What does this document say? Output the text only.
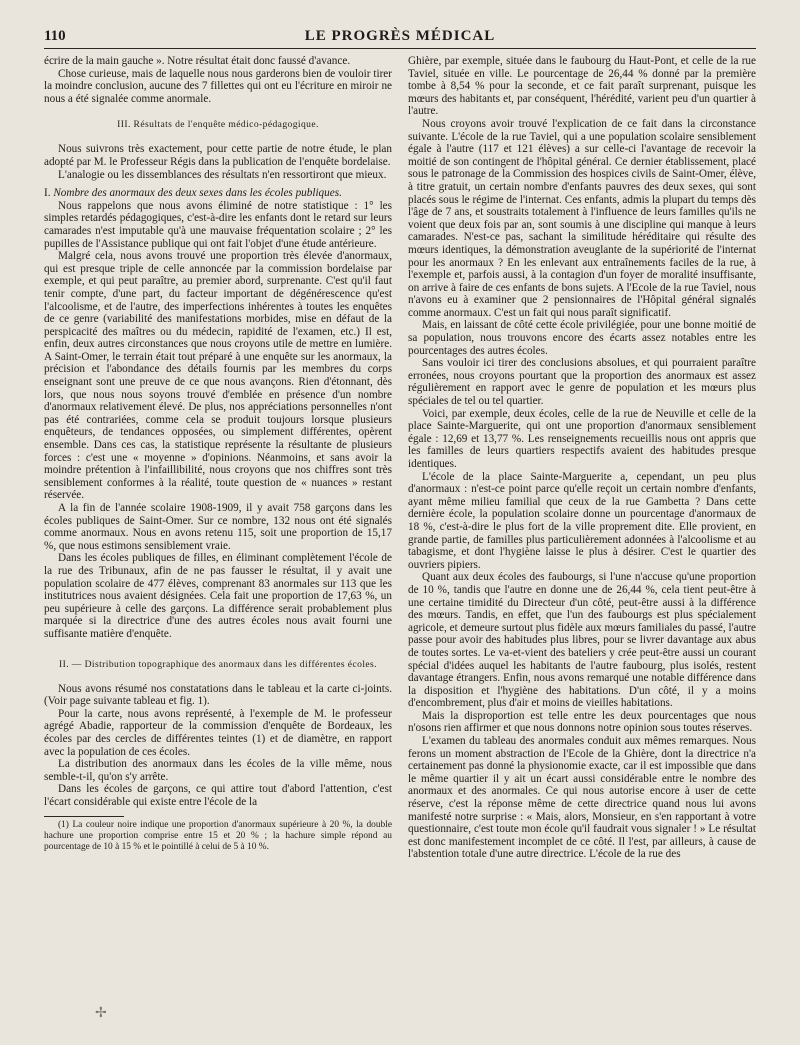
110	LE PROGRÈS MÉDICAL

écrire de la main gauche ». Notre résultat était donc faussé d'avance.

Chose curieuse, mais de laquelle nous nous garderons bien de vouloir tirer la moindre conclusion, aucune des 7 fillettes qui ont eu l'écriture en miroir ne nous a été signalée comme anormale.

III. Résultats de l'enquête médico-pédagogique.

Nous suivrons très exactement, pour cette partie de notre étude, le plan adopté par M. le Professeur Régis dans la publication de l'enquête bordelaise.

L'analogie ou les dissemblances des résultats n'en ressortiront que mieux.

I. Nombre des anormaux des deux sexes dans les écoles publiques.

Nous rappelons que nous avons éliminé de notre statistique : 1° les simples retardés pédagogiques, c'est-à-dire les enfants dont le retard sur leurs camarades n'est imputable qu'à une mauvaise fréquentation scolaire ; 2° les pupilles de l'Assistance publique qui ont fait l'objet d'une étude antérieure.

Malgré cela, nous avons trouvé une proportion très élevée d'anormaux, qui est presque triple de celle annoncée par la commission bordelaise par exemple, et qui peut paraître, au premier abord, surprenante. C'est qu'il faut tenir compte, d'une part, du facteur important de dégénérescence qu'est l'alcoolisme, et de l'autre, des imperfections inhérentes à toutes les enquêtes de ce genre (variabilité des manifestations morbides, mise en défaut de la perspicacité des maîtres ou du médecin, rapidité de l'examen, etc.) Il est, enfin, deux autres circonstances que nous croyons utile de mettre en lumière. A Saint-Omer, le terrain était tout préparé à une enquête sur les anormaux, la précision et l'abondance des détails fournis par les membres du corps enseignant sont une preuve de ce que nous avançons. Rien d'étonnant, dès lors, que nous nous soyons trouvé d'emblée en présence d'un nombre d'anormaux relativement élevé. De plus, nos appréciations personnelles n'ont pas été contrariées, comme cela se produit toujours lorsque plusieurs enquêteurs, de tendances opposées, ou simplement différentes, opèrent ensemble. Dans ces cas, la statistique représente la résultante de plusieurs forces : c'est une « moyenne » d'opinions. Néanmoins, et sans avoir la moindre prétention à l'infaillibilité, nous croyons que nos chiffres sont très sensiblement conformes à la réalité, toute question de « nuances » restant réservée.

A la fin de l'année scolaire 1908-1909, il y avait 758 garçons dans les écoles publiques de Saint-Omer. Sur ce nombre, 132 nous ont été signalés comme anormaux. Nous en avons retenu 115, soit une proportion de 15,17 %, que nous estimons sensiblement vraie.

Dans les écoles publiques de filles, en éliminant complètement l'école de la rue des Tribunaux, afin de ne pas fausser le résultat, il y avait une population scolaire de 477 élèves, comprenant 83 anormales sur 113 que les institutrices nous avaient désignées. Cela fait une proportion de 17,63 %, un peu supérieure à celle des garçons. La différence serait probablement plus marquée si la directrice d'une des autres écoles nous avait fourni une suffisante matière d'enquête.

II. — Distribution topographique des anormaux dans les différentes écoles.

Nous avons résumé nos constatations dans le tableau et la carte ci-joints. (Voir page suivante tableau et fig. 1).

Pour la carte, nous avons représenté, à l'exemple de M. le professeur agrégé Abadie, rapporteur de la commission d'enquête de Bordeaux, les écoles par des cercles de différentes teintes (1) et de diamètre, en rapport avec la population de ces écoles.

La distribution des anormaux dans les écoles de la ville même, nous semble-t-il, qu'on s'y arrête.

Dans les écoles de garçons, ce qui attire tout d'abord l'attention, c'est l'écart considérable qui existe entre l'école de la

(1) La couleur noire indique une proportion d'anormaux supérieure à 20 %, la double hachure une proportion comprise entre 15 et 20 % ; la hachure simple répond au pourcentage de 10 à 15 % et le pointillé à celui de 5 à 10 %.

Ghière, par exemple, située dans le faubourg du Haut-Pont, et celle de la rue Taviel, située en ville. Le pourcentage de 26,44 % donné par la première tombe à 8,54 % pour la seconde, et ce fait paraît surprenant, puisque les mœurs des habitants et, par conséquent, l'hérédité, varient peu d'un quartier à l'autre.

Nous croyons avoir trouvé l'explication de ce fait dans la circonstance suivante. L'école de la rue Taviel, qui a une population scolaire sensiblement égale à l'autre (117 et 121 élèves) a sur celle-ci l'avantage de recevoir la moitié de son contingent de l'hôpital général. Ce dernier établissement, placé sous le patronage de la Commission des hospices civils de Saint-Omer, élève, à titre gratuit, un certain nombre d'enfants pauvres des deux sexes, qui sont placés sous le régime de l'internat. Ces enfants, admis la plupart du temps dès l'âge de 7 ans, et soustraits totalement à l'influence de leurs familles qu'ils ne voient que deux fois par an, sont soumis à une discipline qui manque à leurs camarades. N'est-ce pas, sachant la similitude héréditaire qui résulte des mœurs identiques, la démonstration aveuglante de la supériorité de l'internat pour les anormaux ? En les enlevant aux entraînements faciles de la rue, à l'exemple et, parfois aussi, à la contagion d'un foyer de moralité insuffisante, on arrive à faire de ces enfants de bons sujets. A l'Ecole de la rue Taviel, nous n'avons eu à examiner que 2 pensionnaires de l'Hôpital général signalés comme anormaux. C'est un fait qui nous paraît significatif.

Mais, en laissant de côté cette école privilégiée, pour une bonne moitié de sa population, nous trouvons encore des écarts assez notables entre les pourcentages des autres écoles.

Sans vouloir ici tirer des conclusions absolues, et qui pourraient paraître erronées, nous croyons pourtant que la proportion des anormaux est assez régulièrement en rapport avec le genre de population et les mœurs plus spéciales de tel ou tel quartier.

Voici, par exemple, deux écoles, celle de la rue de Neuville et celle de la place Sainte-Marguerite, qui ont une proportion d'anormaux sensiblement égale : 12,69 et 13,77 %. Les renseignements recueillis nous ont appris que les familles de leurs quartiers respectifs avaient des habitudes presque identiques.

L'école de la place Sainte-Marguerite a, cependant, un peu plus d'anormaux : n'est-ce point parce qu'elle reçoit un certain nombre d'enfants, ayant même milieu familial que ceux de la rue Gambetta ? Dans cette dernière école, la population scolaire donne un pourcentage d'anormaux de 18 %, c'est-à-dire le plus fort de la ville proprement dite. Elle provient, en grande partie, de familles plus particulièrement adonnées à l'alcoolisme et au tabagisme, et dont l'hygiène laisse le plus à désirer. C'est le quartier des ouvriers pipiers.

Quant aux deux écoles des faubourgs, si l'une n'accuse qu'une proportion de 10 %, tandis que l'autre en donne une de 26,44 %, cela tient peut-être à une certaine timidité du Directeur d'un côté, peut-être aussi à la différence des mœurs. Tandis, en effet, que l'un des faubourgs est plus spécialement agricole, et demeure surtout plus fidèle aux mœurs familiales du passé, l'autre passe pour avoir des habitudes plus libres, pour se livrer davantage aux abus de toutes sortes. Le va-et-vient des bateliers y crée peut-être aussi un courant spécial d'idées auquel les habitants de l'autre faubourg, plus isolés, restent davantage étrangers. Enfin, nous avons remarqué une notable différence dans la disposition et l'hygiène des habitations. D'un côté, il y a moins d'encombrement, plus d'air et moins de vieilles habitations.

Mais la disproportion est telle entre les deux pourcentages que nous n'osons rien affirmer et que nous donnons notre opinion sous toutes réserves.

L'examen du tableau des anormales conduit aux mêmes remarques. Nous ferons un moment abstraction de l'Ecole de la Ghière, dont la directrice n'a certainement pas donné la physionomie exacte, car il est impossible que dans le même quartier il y ait un écart aussi considérable entre le nombre des anormaux et des anormales. Ce qui nous autorise encore à user de cette réserve, c'est la réponse même de cette directrice quand nous lui avons manifesté notre surprise : « Mais, alors, Monsieur, en s'en rapportant à votre questionnaire, c'est toute mon école qu'il faudrait vous signaler ! » Le résultat est donc manifestement incomplet de ce côté. Il l'est, par ailleurs, à cause de l'abstention totale d'une autre directrice. L'école de la rue des

✢
